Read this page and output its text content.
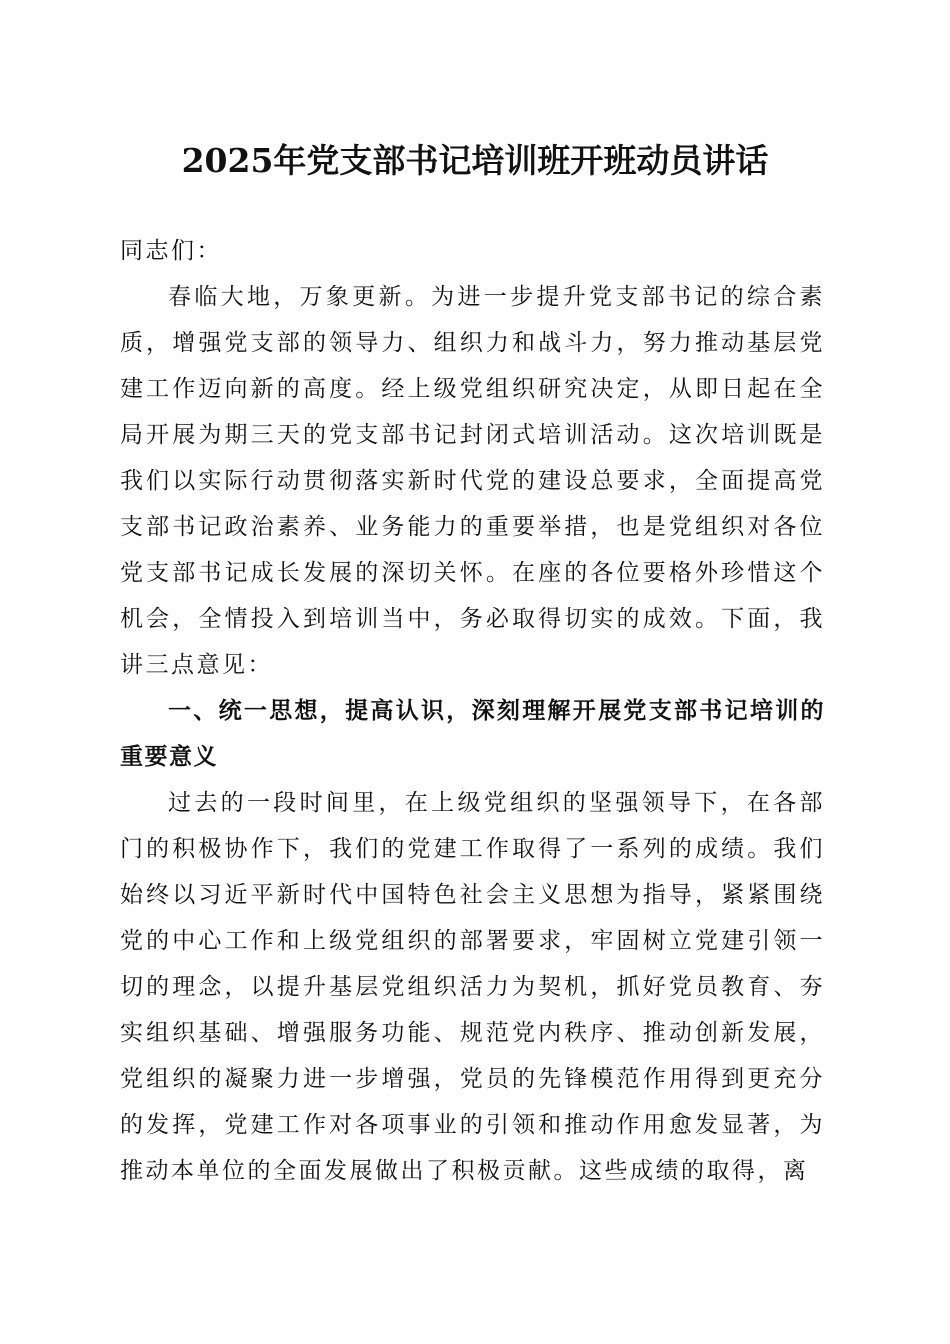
2025年党支部书记培训班开班动员讲话

同志们：

春临大地，万象更新。为进一步提升党支部书记的综合素质，增强党支部的领导力、组织力和战斗力，努力推动基层党建工作迈向新的高度。经上级党组织研究决定，从即日起在全局开展为期三天的党支部书记封闭式培训活动。这次培训既是我们以实际行动贯彻落实新时代党的建设总要求，全面提高党支部书记政治素养、业务能力的重要举措，也是党组织对各位党支部书记成长发展的深切关怀。在座的各位要格外珍惜这个机会，全情投入到培训当中，务必取得切实的成效。下面，我讲三点意见：

一、统一思想，提高认识，深刻理解开展党支部书记培训的重要意义

过去的一段时间里，在上级党组织的坚强领导下，在各部门的积极协作下，我们的党建工作取得了一系列的成绩。我们始终以习近平新时代中国特色社会主义思想为指导，紧紧围绕党的中心工作和上级党组织的部署要求，牢固树立党建引领一切的理念，以提升基层党组织活力为契机，抓好党员教育、夯实组织基础、增强服务功能、规范党内秩序、推动创新发展，党组织的凝聚力进一步增强，党员的先锋模范作用得到更充分的发挥，党建工作对各项事业的引领和推动作用愈发显著，为推动本单位的全面发展做出了积极贡献。这些成绩的取得，离
